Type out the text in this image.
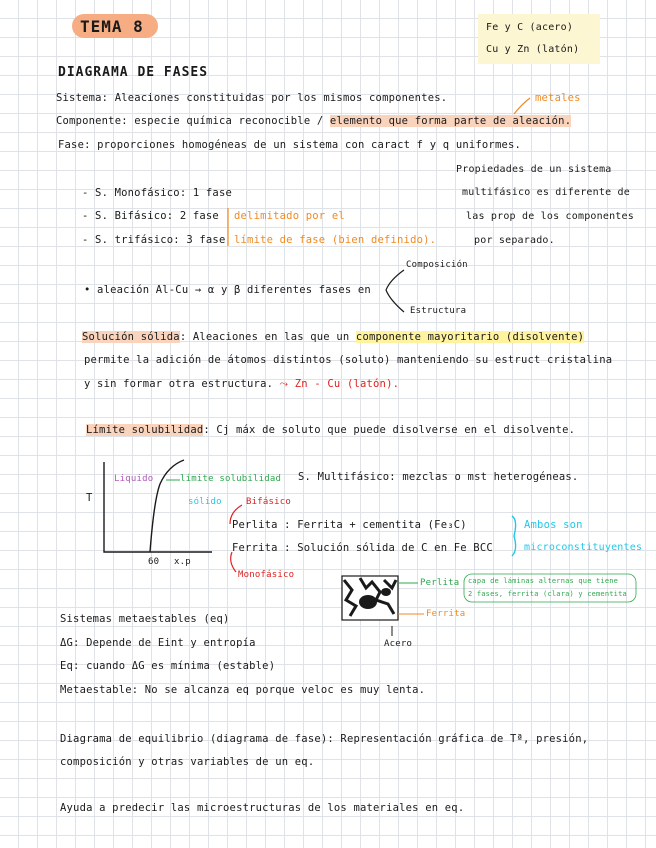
TEMA 8	Fe y C (acero)
Cu y Zn (latón)
DIAGRAMA DE FASES
Sistema: Aleaciones constituidas por los mismos componentes.	metales
Componente: especie química reconocible / elemento que forma parte de aleación.
Fase: proporciones homogéneas de un sistema con caract f y q uniformes.
Propiedades de un sistema
multifásico es diferente de
las prop de los componentes
por separado.
- S. Monofásico: 1 fase
- S. Bifásico: 2 fase
- S. trifásico: 3 fase
delimitado por el
límite de fase (bien definido).
• aleación Al-Cu → α y β diferentes fases en
Composición
Estructura
Solución sólida: Aleaciones en las que un componente mayoritario (disolvente)
permite la adición de átomos distintos (soluto) manteniendo su estruct cristalina
y sin formar otra estructura. ⤳ Zn - Cu (latón).
Límite solubilidad: Cj máx de soluto que puede disolverse en el disolvente.
T
x.p
60
Liquido
sólido
límite solubilidad S. Multifásico: mezclas o mst heterogéneas.
Bifásico
Perlita : Ferrita + cementita (Fe₃C)
Ferrita : Solución sólida de C en Fe BCC
Monofásico
Ambos son
microconstituyentes
Perlita capa de láminas alternas que tiene
2 fases, ferrita (clara) y cementita
Ferrita
Acero
Sistemas metaestables (eq)
ΔG: Depende de Eint y entropía
Eq: cuando ΔG es mínima (estable)
Metaestable: No se alcanza eq porque veloc es muy lenta.
Diagrama de equilibrio (diagrama de fase): Representación gráfica de Tª, presión,
composición y otras variables de un eq.
Ayuda a predecir las microestructuras de los materiales en eq.
